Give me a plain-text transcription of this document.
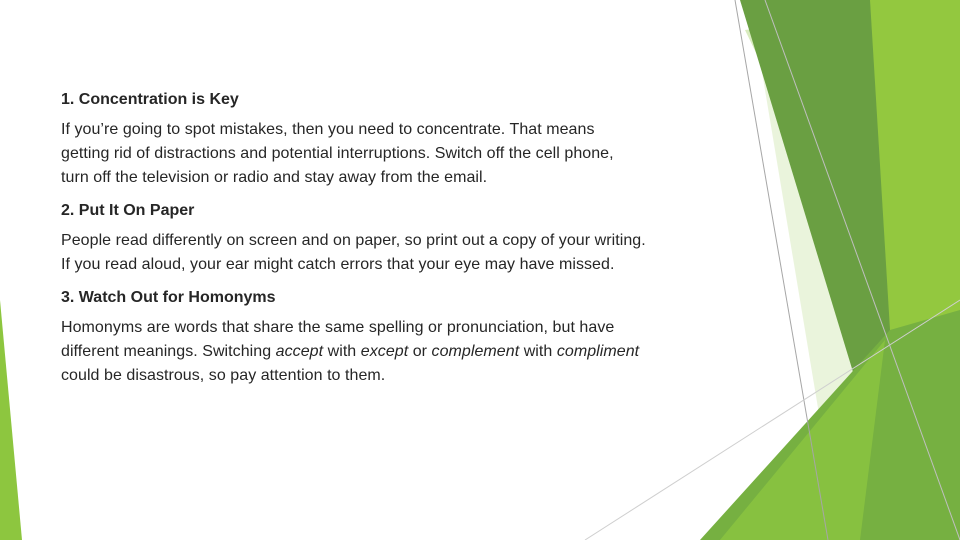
1. Concentration is Key
If you’re going to spot mistakes, then you need to concentrate. That means
getting rid of distractions and potential interruptions. Switch off the cell phone,
turn off the television or radio and stay away from the email.
2. Put It On Paper
People read differently on screen and on paper, so print out a copy of your writing.
If you read aloud, your ear might catch errors that your eye may have missed.
3. Watch Out for Homonyms
Homonyms are words that share the same spelling or pronunciation, but have
different meanings. Switching accept with except or complement with compliment
could be disastrous, so pay attention to them.
